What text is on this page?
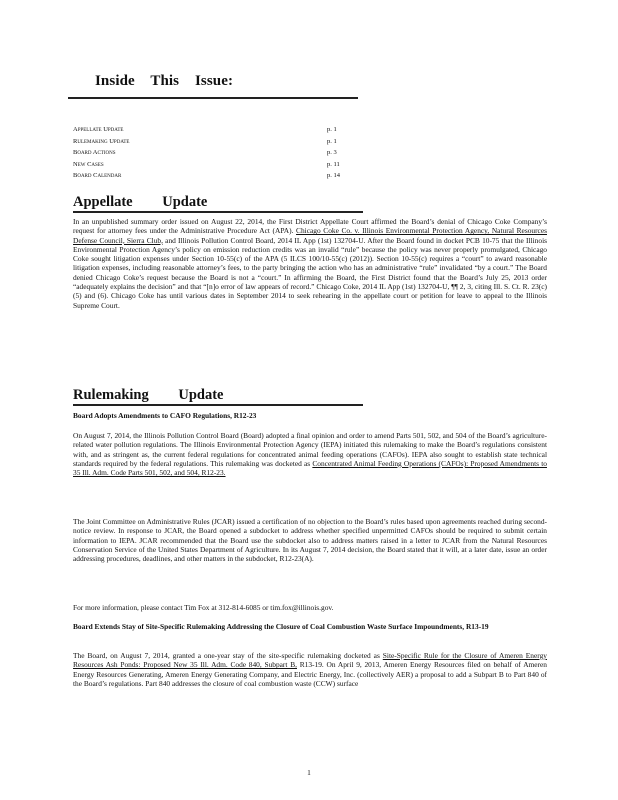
Inside This Issue:
Appellate Update	p. 1
Rulemaking Update	p. 1
Board Actions	p. 3
New Cases	p. 11
Board Calendar	p. 14
Appellate Update
In an unpublished summary order issued on August 22, 2014, the First District Appellate Court affirmed the Board’s denial of Chicago Coke Company’s request for attorney fees under the Administrative Procedure Act (APA). Chicago Coke Co. v. Illinois Environmental Protection Agency, Natural Resources Defense Council, Sierra Club, and Illinois Pollution Control Board, 2014 IL App (1st) 132704-U. After the Board found in docket PCB 10-75 that the Illinois Environmental Protection Agency’s policy on emission reduction credits was an invalid “rule” because the policy was never properly promulgated, Chicago Coke sought litigation expenses under Section 10-55(c) of the APA (5 ILCS 100/10-55(c) (2012)). Section 10-55(c) requires a “court” to award reasonable litigation expenses, including reasonable attorney’s fees, to the party bringing the action who has an administrative “rule” invalidated “by a court.” The Board denied Chicago Coke’s request because the Board is not a “court.” In affirming the Board, the First District found that the Board’s July 25, 2013 order “adequately explains the decision” and that “[n]o error of law appears of record.” Chicago Coke, 2014 IL App (1st) 132704-U, ¶¶ 2, 3, citing Ill. S. Ct. R. 23(c)(5) and (6). Chicago Coke has until various dates in September 2014 to seek rehearing in the appellate court or petition for leave to appeal to the Illinois Supreme Court.
Rulemaking Update
Board Adopts Amendments to CAFO Regulations, R12-23
On August 7, 2014, the Illinois Pollution Control Board (Board) adopted a final opinion and order to amend Parts 501, 502, and 504 of the Board’s agriculture-related water pollution regulations. The Illinois Environmental Protection Agency (IEPA) initiated this rulemaking to make the Board’s regulations consistent with, and as stringent as, the current federal regulations for concentrated animal feeding operations (CAFOs). IEPA also sought to establish state technical standards required by the federal regulations. This rulemaking was docketed as Concentrated Animal Feeding Operations (CAFOs): Proposed Amendments to 35 Ill. Adm. Code Parts 501, 502, and 504, R12-23.
The Joint Committee on Administrative Rules (JCAR) issued a certification of no objection to the Board’s rules based upon agreements reached during second-notice review. In response to JCAR, the Board opened a subdocket to address whether specified unpermitted CAFOs should be required to submit certain information to IEPA. JCAR recommended that the Board use the subdocket also to address matters raised in a letter to JCAR from the Natural Resources Conservation Service of the United States Department of Agriculture. In its August 7, 2014 decision, the Board stated that it will, at a later date, issue an order addressing procedures, deadlines, and other matters in the subdocket, R12-23(A).
For more information, please contact Tim Fox at 312-814-6085 or tim.fox@illinois.gov.
Board Extends Stay of Site-Specific Rulemaking Addressing the Closure of Coal Combustion Waste Surface Impoundments, R13-19
The Board, on August 7, 2014, granted a one-year stay of the site-specific rulemaking docketed as Site-Specific Rule for the Closure of Ameren Energy Resources Ash Ponds: Proposed New 35 Ill. Adm. Code 840, Subpart B, R13-19. On April 9, 2013, Ameren Energy Resources filed on behalf of Ameren Energy Resources Generating, Ameren Energy Generating Company, and Electric Energy, Inc. (collectively AER) a proposal to add a Subpart B to Part 840 of the Board’s regulations. Part 840 addresses the closure of coal combustion waste (CCW) surface
1
